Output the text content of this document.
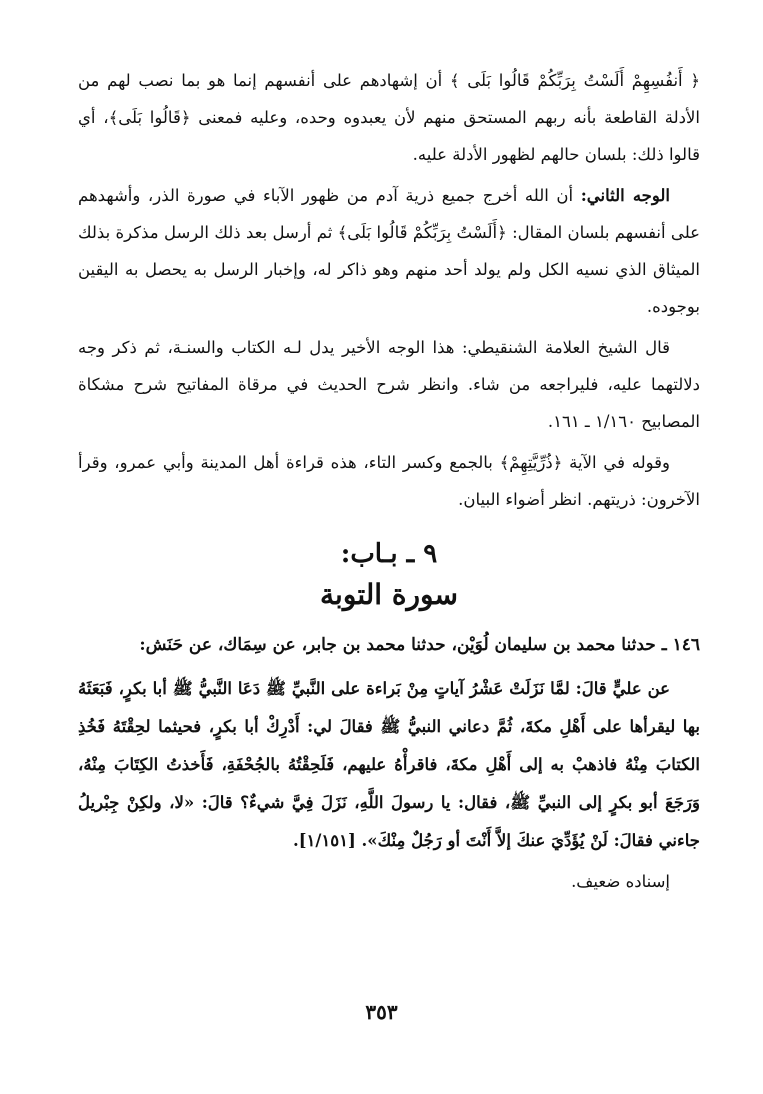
﴿ أَنفُسِهِمْ أَلَسْتُ بِرَبِّكُمْ قَالُوا بَلَى ﴾ أن إشهادهم على أنفسهم إنما هو بما نصب لهم من الأدلة القاطعة بأنه ربهم المستحق منهم لأن يعبدوه وحده، وعليه فمعنى ﴿قَالُوا بَلَى﴾، أي قالوا ذلك: بلسان حالهم لظهور الأدلة عليه.

الوجه الثاني: أن الله أخرج جميع ذرية آدم من ظهور الآباء في صورة الذر، وأشهدهم على أنفسهم بلسان المقال: ﴿أَلَسْتُ بِرَبِّكُمْ قَالُوا بَلَى﴾ ثم أرسل بعد ذلك الرسل مذكرة بذلك الميثاق الذي نسيه الكل ولم يولد أحد منهم وهو ذاكر له، وإخبار الرسل به يحصل به اليقين بوجوده.

قال الشيخ العلامة الشنقيطي: هذا الوجه الأخير يدل لـه الكتاب والسنـة، ثم ذكر وجه دلالتهما عليه، فليراجعه من شاء. وانظر شرح الحديث في مرقاة المفاتيح شرح مشكاة المصابيح ١/١٦٠ ـ ١٦١.

وقوله في الآية ﴿ذُرِّيَّتِهِمْ﴾ بالجمع وكسر التاء، هذه قراءة أهل المدينة وأبي عمرو، وقرأ الآخرون: ذريتهم. انظر أضواء البيان.

٩ ـ بـاب:
سورة التوبة

١٤٦ ـ حدثنا محمد بن سليمان لُوَيْن، حدثنا محمد بن جابر، عن سِمَاك، عن حَنَش:

عن عليٍّ قالَ: لمَّا نَزَلَتْ عَشْرُ آياتٍ مِنْ بَراءة على النَّبيِّ ﷺ دَعَا النَّبيُّ ﷺ أبا بكرٍ، فَبَعَثَهُ بها ليقرأها على أَهْلِ مكةَ، ثُمَّ دعاني النبيُّ ﷺ فقالَ لي: أَدْرِكْ أبا بكرٍ، فحيثما لحِقْتَهُ فَخُذِ الكتابَ مِنْهُ فاذهبْ به إلى أَهْلِ مكةَ، فاقرأْهُ عليهم، فَلَحِقْتُهُ بالجُحْفَةِ، فَأَخذتُ الكِتَابَ مِنْهُ، وَرَجَعَ أبو بكرٍ إلى النبيِّ ﷺ، فقال: يا رسولَ اللَّهِ، نَزَلَ فِيَّ شيءٌ؟ قالَ: «لا، ولكِنْ جِبْريلُ جاءني فقالَ: لَنْ يُؤَدِّيَ عنكَ إلاَّ أَنْتَ أو رَجُلٌ مِنْكَ». [١/١٥١].

إسناده ضعيف.

٣٥٣
